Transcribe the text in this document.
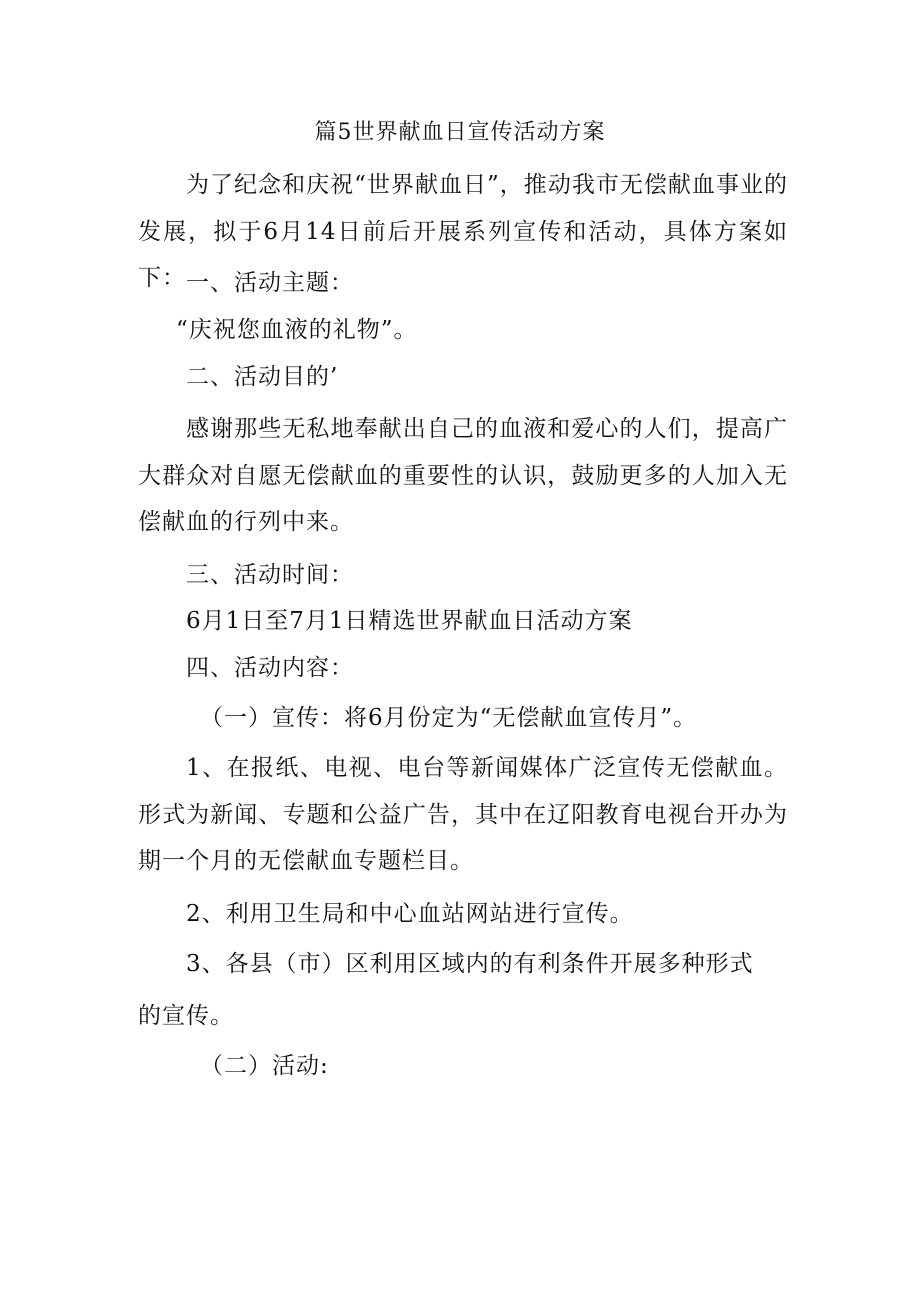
篇5世界献血日宣传活动方案
为了纪念和庆祝“世界献血日”，推动我市无偿献血事业的发展，拟于6月14日前后开展系列宣传和活动，具体方案如下： 一、活动主题：
“庆祝您血液的礼物”。
二、活动目的’
感谢那些无私地奉献出自己的血液和爱心的人们，提高广大群众对自愿无偿献血的重要性的认识，鼓励更多的人加入无偿献血的行列中来。
三、活动时间：
6月1日至7月1日精选世界献血日活动方案
四、活动内容：
（一）宣传：将6月份定为“无偿献血宣传月”。
1、在报纸、电视、电台等新闻媒体广泛宣传无偿献血。形式为新闻、专题和公益广告，其中在辽阳教育电视台开办为期一个月的无偿献血专题栏目。
2、利用卫生局和中心血站网站进行宣传。
3、各县（市）区利用区域内的有利条件开展多种形式
的宣传。
（二）活动:
